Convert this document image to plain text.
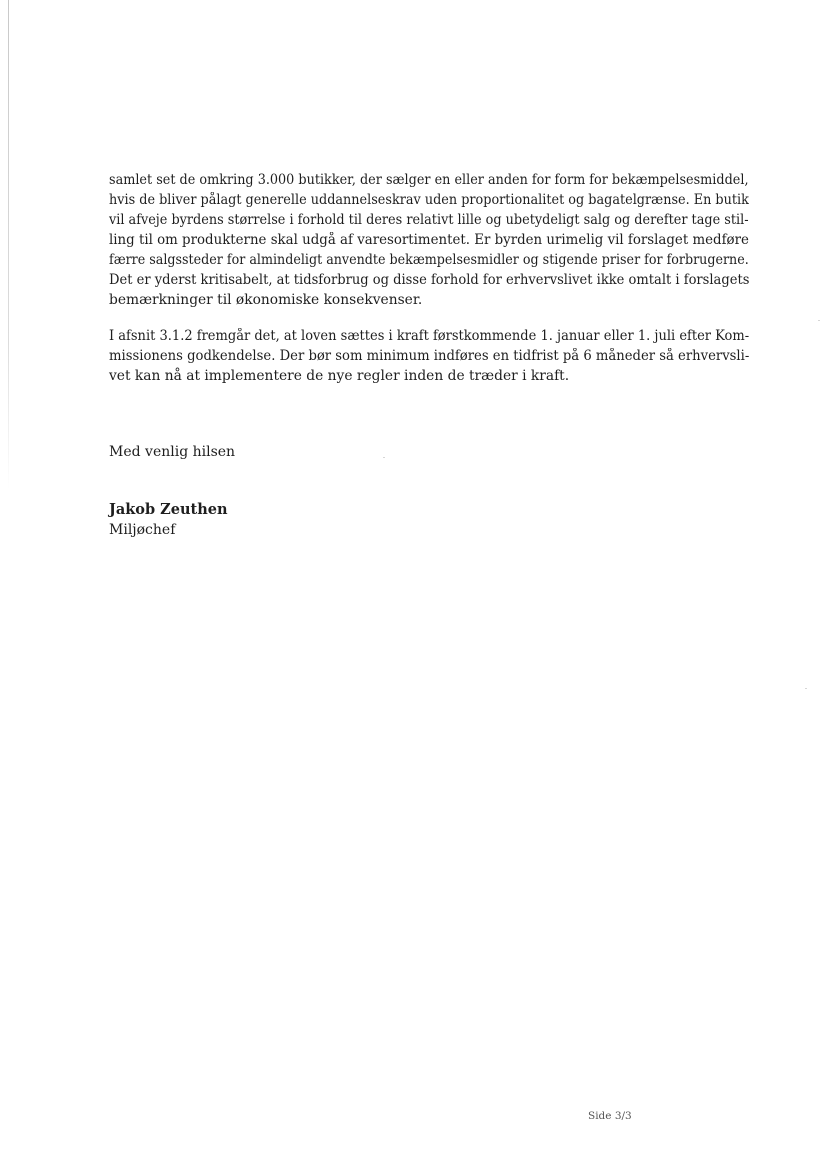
samlet set de omkring 3.000 butikker, der sælger en eller anden for form for bekæmpelsesmiddel,
hvis de bliver pålagt generelle uddannelseskrav uden proportionalitet og bagatelgrænse. En butik
vil afveje byrdens størrelse i forhold til deres relativt lille og ubetydeligt salg og derefter tage stil-
ling til om produkterne skal udgå af varesortimentet. Er byrden urimelig vil forslaget medføre
færre salgssteder for almindeligt anvendte bekæmpelsesmidler og stigende priser for forbrugerne.
Det er yderst kritisabelt, at tidsforbrug og disse forhold for erhvervslivet ikke omtalt i forslagets
bemærkninger til økonomiske konsekvenser.

I afsnit 3.1.2 fremgår det, at loven sættes i kraft førstkommende 1. januar eller 1. juli efter Kom-
missionens godkendelse. Der bør som minimum indføres en tidfrist på 6 måneder så erhvervsli-
vet kan nå at implementere de nye regler inden de træder i kraft.

Med venlig hilsen
Jakob Zeuthen
Miljøchef
Side 3/3
